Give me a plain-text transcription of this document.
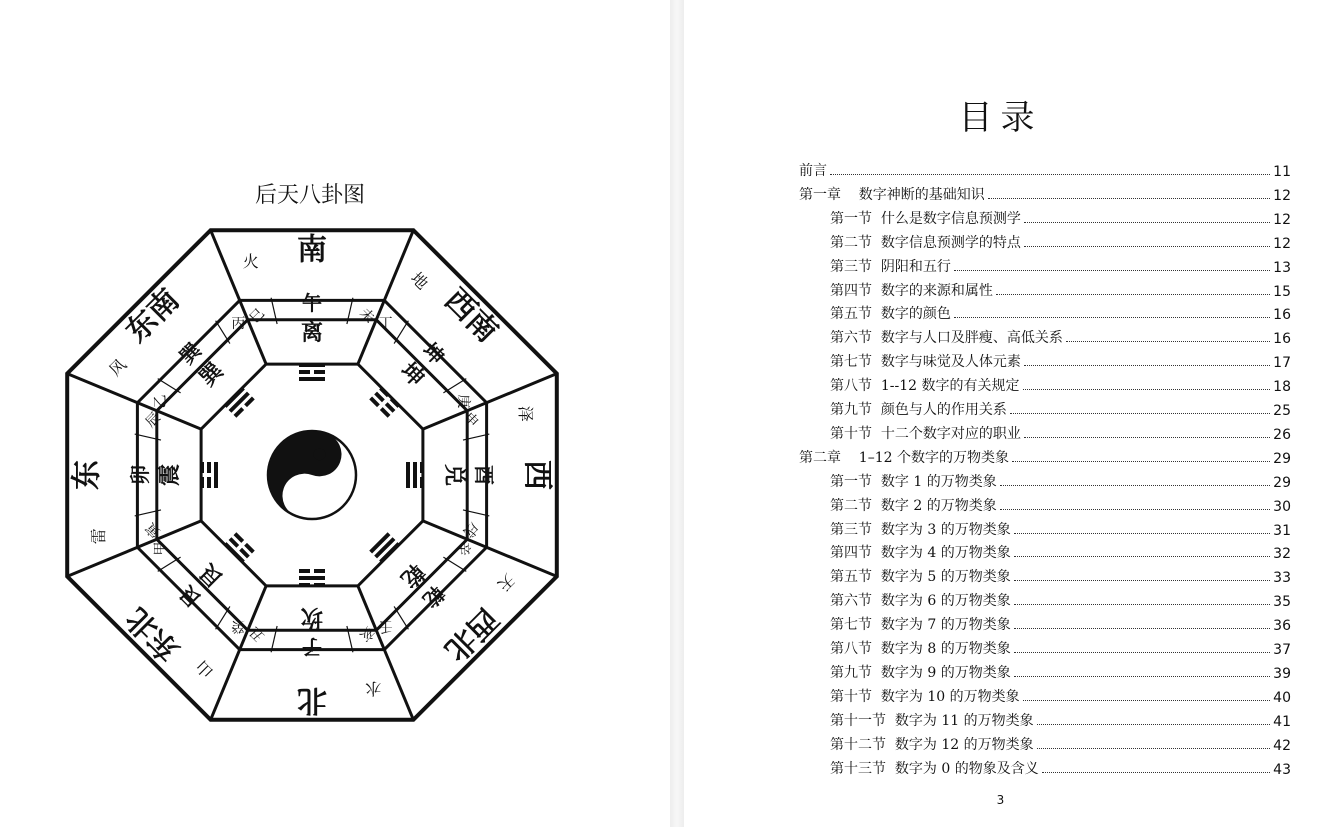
后天八卦图
南
火
丙
午
丁
离	西南
地
未
坤
申
坤
西
泽
庚
酉
辛
兑
西北
天
戌
乾
亥
乾
北 水
壬
子
癸	坎
东北
山
丑
艮
寅
艮
东
雷
甲
卯
乙
震
东南
风
辰
巽
巳
巽
目录
前言	11
第一章    数字神断的基础知识	12
第一节  什么是数字信息预测学	12
第二节  数字信息预测学的特点	12
第三节  阴阳和五行	13
第四节  数字的来源和属性	15
第五节  数字的颜色	16
第六节  数字与人口及胖瘦、高低关系	16
第七节  数字与味觉及人体元素	17
第八节  1--12 数字的有关规定	18
第九节  颜色与人的作用关系	25
第十节  十二个数字对应的职业	26
第二章    1–12 个数字的万物类象	29
第一节  数字 1 的万物类象	29
第二节  数字 2 的万物类象	30
第三节  数字为 3 的万物类象	31
第四节  数字为 4 的万物类象	32
第五节  数字为 5 的万物类象	33
第六节  数字为 6 的万物类象	35
第七节  数字为 7 的万物类象	36
第八节  数字为 8 的万物类象	37
第九节  数字为 9 的万物类象	39
第十节  数字为 10 的万物类象	40
第十一节  数字为 11 的万物类象	41
第十二节  数字为 12 的万物类象	42
第十三节  数字为 0 的物象及含义	43
3
